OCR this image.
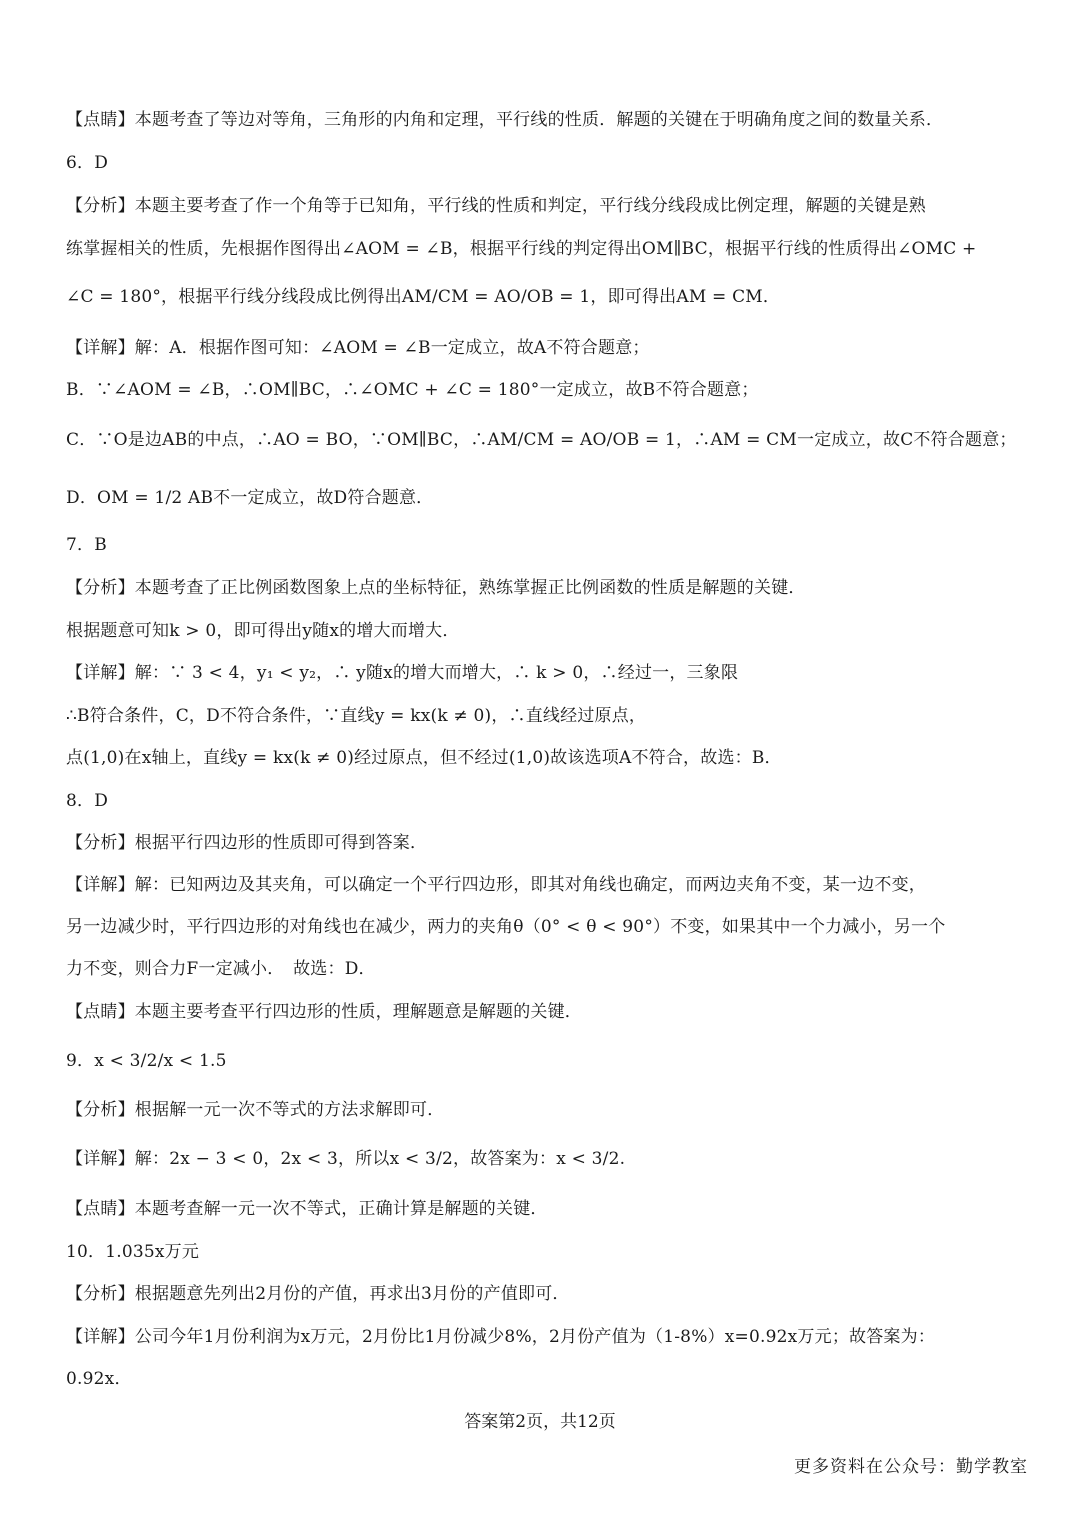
【点睛】本题考查了等边对等角，三角形的内角和定理，平行线的性质．解题的关键在于明确角度之间的数量关系．
6．D
【分析】本题主要考查了作一个角等于已知角，平行线的性质和判定，平行线分线段成比例定理，解题的关键是熟
练掌握相关的性质，先根据作图得出∠AOM = ∠B，根据平行线的判定得出OM∥BC，根据平行线的性质得出∠OMC +
∠C = 180°，根据平行线分线段成比例得出AM/CM = AO/OB = 1，即可得出AM = CM．
【详解】解：A．根据作图可知：∠AOM = ∠B一定成立，故A不符合题意；
B．∵∠AOM = ∠B，∴OM∥BC，∴∠OMC + ∠C = 180°一定成立，故B不符合题意；
C．∵O是边AB的中点，∴AO = BO，∵OM∥BC，∴AM/CM = AO/OB = 1，∴AM = CM一定成立，故C不符合题意；
D．OM = 1/2 AB不一定成立，故D符合题意．
7．B
【分析】本题考查了正比例函数图象上点的坐标特征，熟练掌握正比例函数的性质是解题的关键．
根据题意可知k > 0，即可得出y随x的增大而增大．
【详解】解：∵ 3 < 4，y₁ < y₂，∴ y随x的增大而增大，∴ k > 0，∴经过一，三象限
∴B符合条件，C，D不符合条件，∵直线y = kx(k ≠ 0)，∴直线经过原点，
点(1,0)在x轴上，直线y = kx(k ≠ 0)经过原点，但不经过(1,0)故该选项A不符合，故选：B．
8．D
【分析】根据平行四边形的性质即可得到答案．
【详解】解：已知两边及其夹角，可以确定一个平行四边形，即其对角线也确定，而两边夹角不变，某一边不变，
另一边减少时，平行四边形的对角线也在减少，两力的夹角θ（0° < θ < 90°）不变，如果其中一个力减小，另一个
力不变，则合力F一定减小．　故选：D．
【点睛】本题主要考查平行四边形的性质，理解题意是解题的关键．
9．x < 3/2/x < 1.5
【分析】根据解一元一次不等式的方法求解即可．
【详解】解：2x − 3 < 0，2x < 3，所以x < 3/2，故答案为：x < 3/2.
【点睛】本题考查解一元一次不等式，正确计算是解题的关键．
10．1.035x万元
【分析】根据题意先列出2月份的产值，再求出3月份的产值即可．
【详解】公司今年1月份利润为x万元，2月份比1月份减少8%，2月份产值为（1-8%）x=0.92x万元；故答案为：
0.92x．
答案第2页，共12页
更多资料在公众号：勤学教室
